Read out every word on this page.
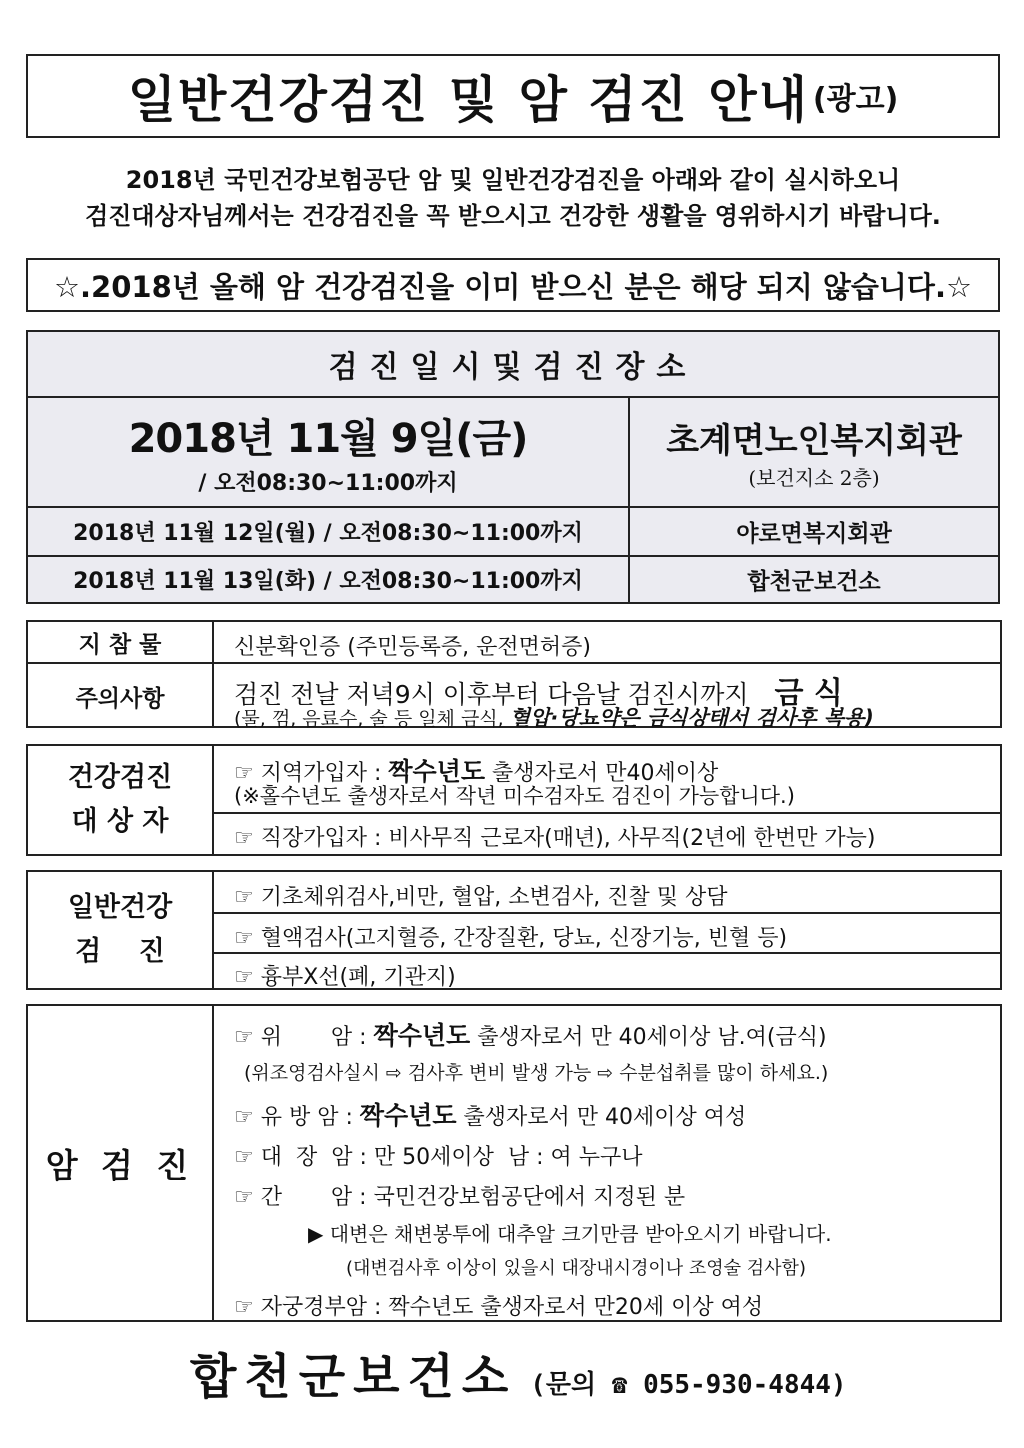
일반건강검진 및 암 검진 안내 (광고)
2018년 국민건강보험공단 암 및 일반건강검진을 아래와 같이 실시하오니
검진대상자님께서는 건강검진을 꼭 받으시고 건강한 생활을 영위하시기 바랍니다.
☆.2018년 올해 암 건강검진을 이미 받으신 분은 해당 되지 않습니다.☆
검진일시및검진장소
2018년 11월 9일(금)
/ 오전08:30~11:00까지
초계면노인복지회관
(보건지소 2층)
2018년 11월 12일(월) / 오전08:30~11:00까지	야로면복지회관
2018년 11월 13일(화) / 오전08:30~11:00까지	합천군보건소
지 참 물	신분확인증 (주민등록증, 운전면허증)
주의사항	검진 전날 저녁9시 이후부터 다음날 검진시까지 금 식
(물, 껌, 음료수, 술 등 일체 금식, 혈압·당뇨약은 금식상태서 검사후 복용)
건강검진
대 상 자
☞ 지역가입자 : 짝수년도 출생자로서 만40세이상
(※홀수년도 출생자로서 작년 미수검자도 검진이 가능합니다.)
☞ 직장가입자 : 비사무직 근로자(매년), 사무직(2년에 한번만 가능)
일반건강
검    진
☞ 기초체위검사,비만, 혈압, 소변검사, 진찰 및 상담
☞ 혈액검사(고지혈증, 간장질환, 당뇨, 신장기능, 빈혈 등)
☞ 흉부X선(폐, 기관지)
암 검 진
☞ 위       암 : 짝수년도 출생자로서 만 40세이상 남.여(금식)
(위조영검사실시 ⇨ 검사후 변비 발생 가능 ⇨ 수분섭취를 많이 하세요.)
☞ 유 방 암 : 짝수년도 출생자로서 만 40세이상 여성
☞ 대  장  암 : 만 50세이상  남 : 여 누구나
☞ 간       암 : 국민건강보험공단에서 지정된 분
▶ 대변은 채변봉투에 대추알 크기만큼 받아오시기 바랍니다.
(대변검사후 이상이 있을시 대장내시경이나 조영술 검사함)
☞ 자궁경부암 : 짝수년도 출생자로서 만20세 이상 여성
합천군보건소 (문의 ☎ 055-930-4844)
